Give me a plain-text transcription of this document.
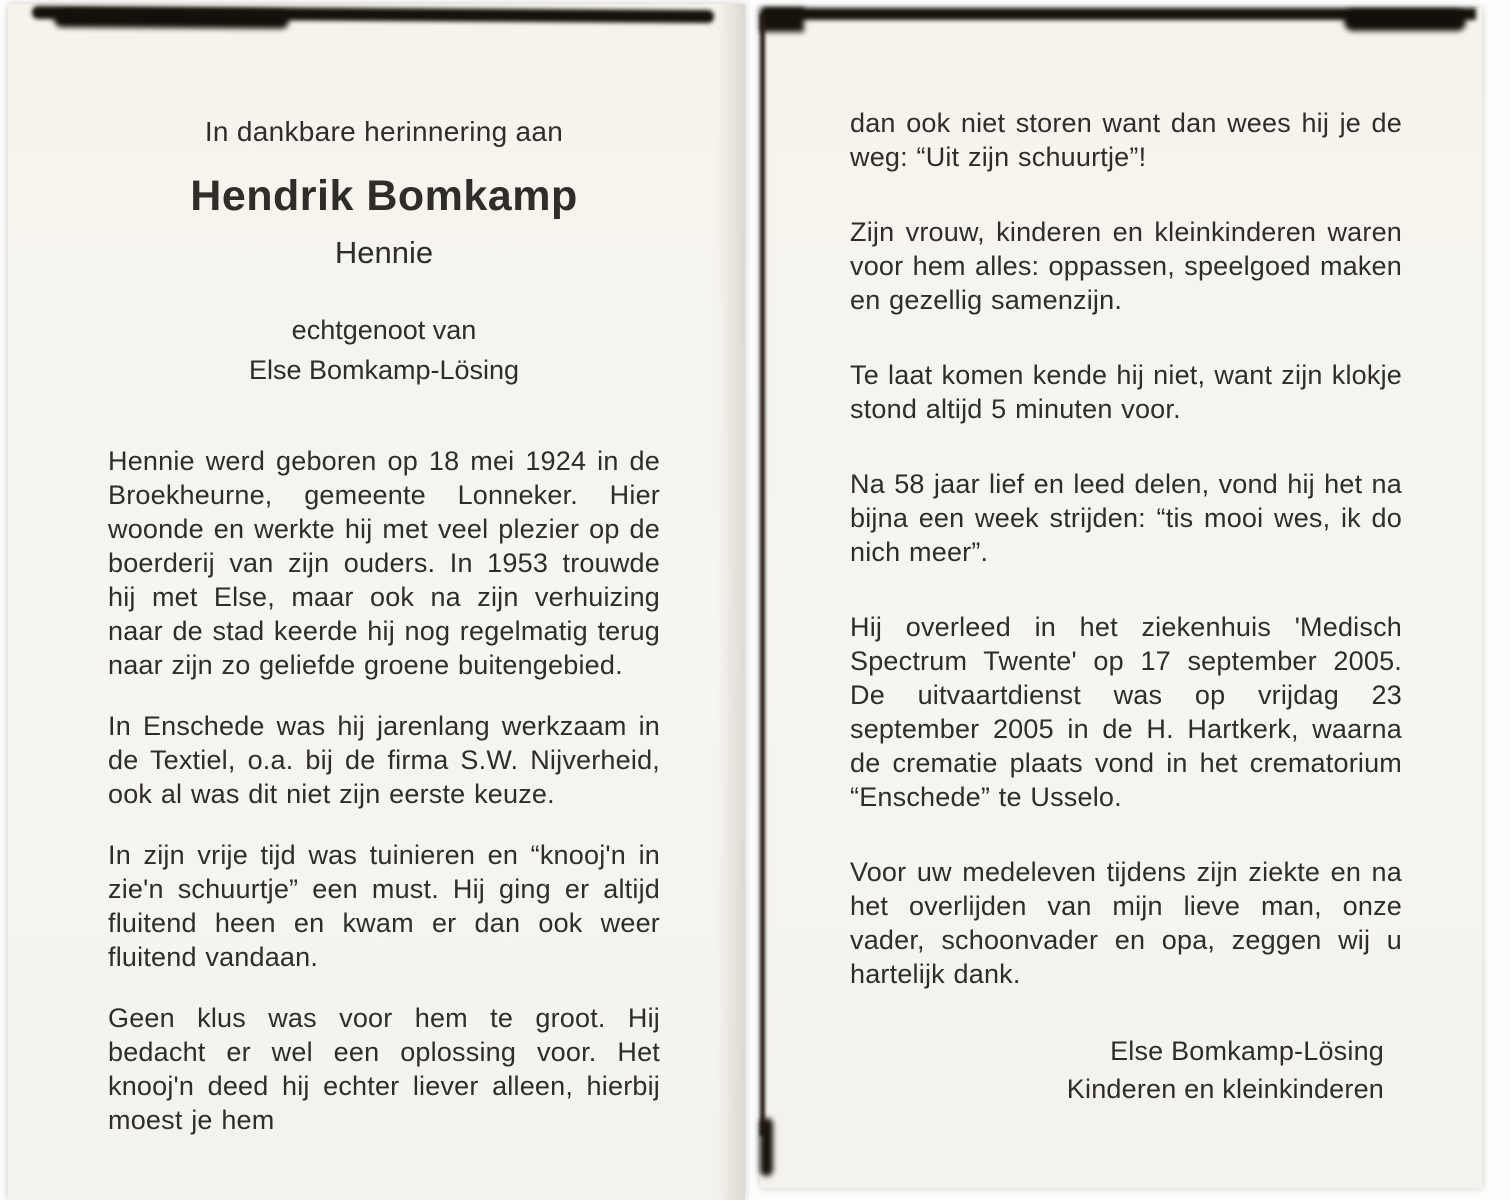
In dankbare herinnering aan
Hendrik Bomkamp
Hennie
echtgenoot van
Else Bomkamp-Lösing

Hennie werd geboren op 18 mei 1924 in de Broekheurne, gemeente Lonneker. Hier woonde en werkte hij met veel plezier op de boerderij van zijn ouders. In 1953 trouwde hij met Else, maar ook na zijn verhuizing naar de stad keerde hij nog regelmatig terug naar zijn zo geliefde groene buitengebied.

In Enschede was hij jarenlang werkzaam in de Textiel, o.a. bij de firma S.W. Nijverheid, ook al was dit niet zijn eerste keuze.

In zijn vrije tijd was tuinieren en “knooj'n in zie'n schuurtje” een must. Hij ging er altijd fluitend heen en kwam er dan ook weer fluitend vandaan.

Geen klus was voor hem te groot. Hij bedacht er wel een oplossing voor. Het knooj'n deed hij echter liever alleen, hierbij moest je hem

dan ook niet storen want dan wees hij je de weg: “Uit zijn schuurtje”!

Zijn vrouw, kinderen en kleinkinderen waren voor hem alles: oppassen, speelgoed maken en gezellig samenzijn.

Te laat komen kende hij niet, want zijn klokje stond altijd 5 minuten voor.

Na 58 jaar lief en leed delen, vond hij het na bijna een week strijden: “tis mooi wes, ik do nich meer”.

Hij overleed in het ziekenhuis 'Medisch Spectrum Twente' op 17 september 2005. De uitvaartdienst was op vrijdag 23 september 2005 in de H. Hartkerk, waarna de crematie plaats vond in het crematorium “Enschede” te Usselo.

Voor uw medeleven tijdens zijn ziekte en na het overlijden van mijn lieve man, onze vader, schoonvader en opa, zeggen wij u hartelijk dank.

Else Bomkamp-Lösing
Kinderen en kleinkinderen
